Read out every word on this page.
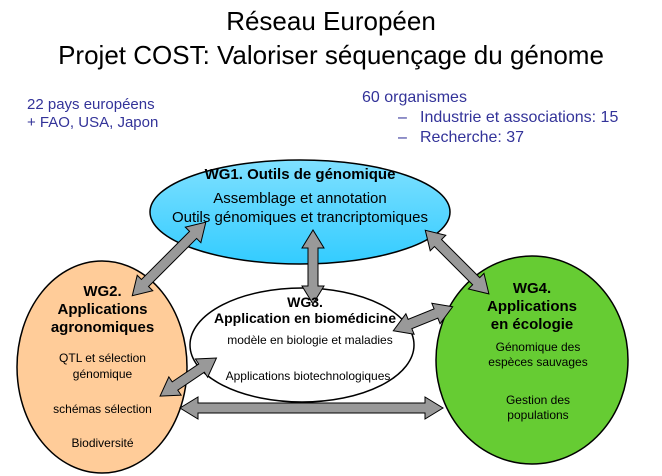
Réseau Européen
Projet COST: Valoriser séquençage du génome
22 pays européens
+ FAO, USA, Japon
60 organismes
– Industrie et associations: 15
– Recherche: 37
WG1. Outils de génomique
Assemblage et annotation
Outils génomiques et trancriptomiques
WG2.
Applications
agronomiques
QTL et sélection
génomique
schémas sélection
Biodiversité
WG3.
Application en biomédicine
modèle en biologie et maladies
Applications biotechnologiques
WG4.
Applications
en écologie
Génomique des
espèces sauvages
Gestion des
populations
